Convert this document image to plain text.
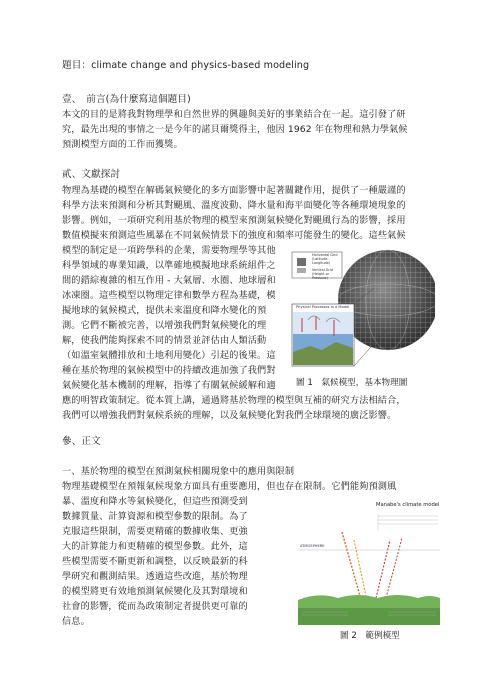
題目：climate change and physics-based modeling
壹、　前言(為什麼寫這個題目)
本文的目的是將我對物理學和自然世界的興趣與美好的事業結合在一起。這引發了研
究，最先出現的事情之一是今年的諾貝爾獎得主，他因 1962 年在物理和熱力學氣候
預測模型方面的工作而獲獎。
貳、文獻探討
物理為基礎的模型在解碼氣候變化的多方面影響中起著關鍵作用，提供了一種嚴謹的
科學方法來預測和分析其對颶風、溫度波動、降水量和海平面變化等各種環境現象的
影響。例如，一項研究利用基於物理的模型來預測氣候變化對颶風行為的影響，採用
數值模擬來預測這些風暴在不同氣候情景下的強度和頻率可能發生的變化。這些氣候
模型的制定是一項跨學科的企業，需要物理學等其他
科學領域的專業知識，以準確地模擬地球系統組件之
間的錯綜複雜的相互作用 - 大氣層、水圈、地球層和
冰凍圈。這些模型以物理定律和數學方程為基礎，模
擬地球的氣候模式，提供未來溫度和降水變化的預
測。它們不斷被完善，以增強我們對氣候變化的理
解，使我們能夠探索不同的情景並評估由人類活動
（如溫室氣體排放和土地利用變化）引起的後果。這
種在基於物理的氣候模型中的持續改進加強了我們對
氣候變化基本機制的理解，指導了有關氣候緩解和適
應的明智政策制定。從本質上講，通過將基於物理的模型與互補的研究方法相結合，
我們可以增強我們對氣候系統的理解，以及氣候變化對我們全球環境的廣泛影響。
Horizontal Grid (Latitude-Longitude)
Vertical Grid (Height or Pressure)
Physical Processes in a Model
圖 1　氣候模型，基本物理圖
參、正文
一、基於物理的模型在預測氣候相關現象中的應用與限制
物理基礎模型在預報氣候現象方面具有重要應用，但也存在限制。它們能夠預測風
暴、溫度和降水等氣候變化，但這些預測受到
數據質量、計算資源和模型參數的限制。為了
克服這些限制，需要更精確的數據收集、更強
大的計算能力和更精確的模型參數。此外，這
些模型需要不斷更新和調整，以反映最新的科
學研究和觀測結果。透過這些改進，基於物理
的模型將更有效地預測氣候變化及其對環境和
社會的影響，從而為政策制定者提供更可靠的
信息。
Manabe's climate model
ATMOSPHERE
圖 2　範例模型
